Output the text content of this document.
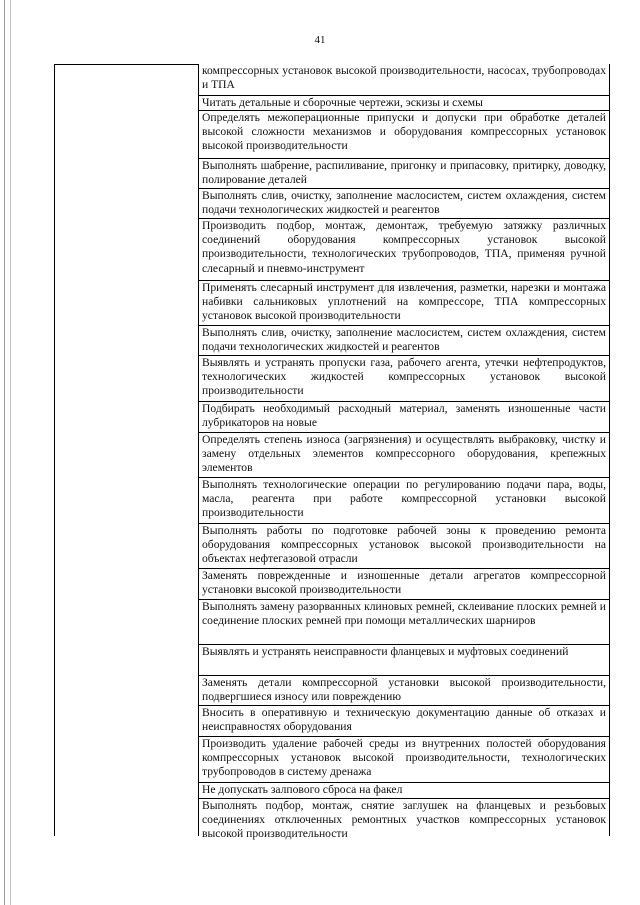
41
компрессорных установок высокой производительности, насосах, трубопроводах и ТПА
Читать детальные и сборочные чертежи, эскизы и схемы
Определять межоперационные припуски и допуски при обработке деталей высокой сложности механизмов и оборудования компрессорных установок высокой производительности
Выполнять шабрение, распиливание, пригонку и припасовку, притирку, доводку, полирование деталей
Выполнять слив, очистку, заполнение маслосистем, систем охлаждения, систем подачи технологических жидкостей и реагентов
Производить подбор, монтаж, демонтаж, требуемую затяжку различных соединений оборудования компрессорных установок высокой производительности, технологических трубопроводов, ТПА, применяя ручной слесарный и пневмо-инструмент
Применять слесарный инструмент для извлечения, разметки, нарезки и монтажа набивки сальниковых уплотнений на компрессоре, ТПА компрессорных установок высокой производительности
Выполнять слив, очистку, заполнение маслосистем, систем охлаждения, систем подачи технологических жидкостей и реагентов
Выявлять и устранять пропуски газа, рабочего агента, утечки нефтепродуктов, технологических жидкостей компрессорных установок высокой производительности
Подбирать необходимый расходный материал, заменять изношенные части лубрикаторов на новые
Определять степень износа (загрязнения) и осуществлять выбраковку, чистку и замену отдельных элементов компрессорного оборудования, крепежных элементов
Выполнять технологические операции по регулированию подачи пара, воды, масла, реагента при работе компрессорной установки высокой производительности
Выполнять работы по подготовке рабочей зоны к проведению ремонта оборудования компрессорных установок высокой производительности на объектах нефтегазовой отрасли
Заменять поврежденные и изношенные детали агрегатов компрессорной установки высокой производительности
Выполнять замену разорванных клиновых ремней, склеивание плоских ремней и соединение плоских ремней при помощи металлических шарниров
Выявлять и устранять неисправности фланцевых и муфтовых соединений
Заменять детали компрессорной установки высокой производительности, подвергшиеся износу или повреждению
Вносить в оперативную и техническую документацию данные об отказах и неисправностях оборудования
Производить удаление рабочей среды из внутренних полостей оборудования компрессорных установок высокой производительности, технологических трубопроводов в систему дренажа
Не допускать залпового сброса на факел
Выполнять подбор, монтаж, снятие заглушек на фланцевых и резьбовых соединениях отключенных ремонтных участков компрессорных установок высокой производительности
